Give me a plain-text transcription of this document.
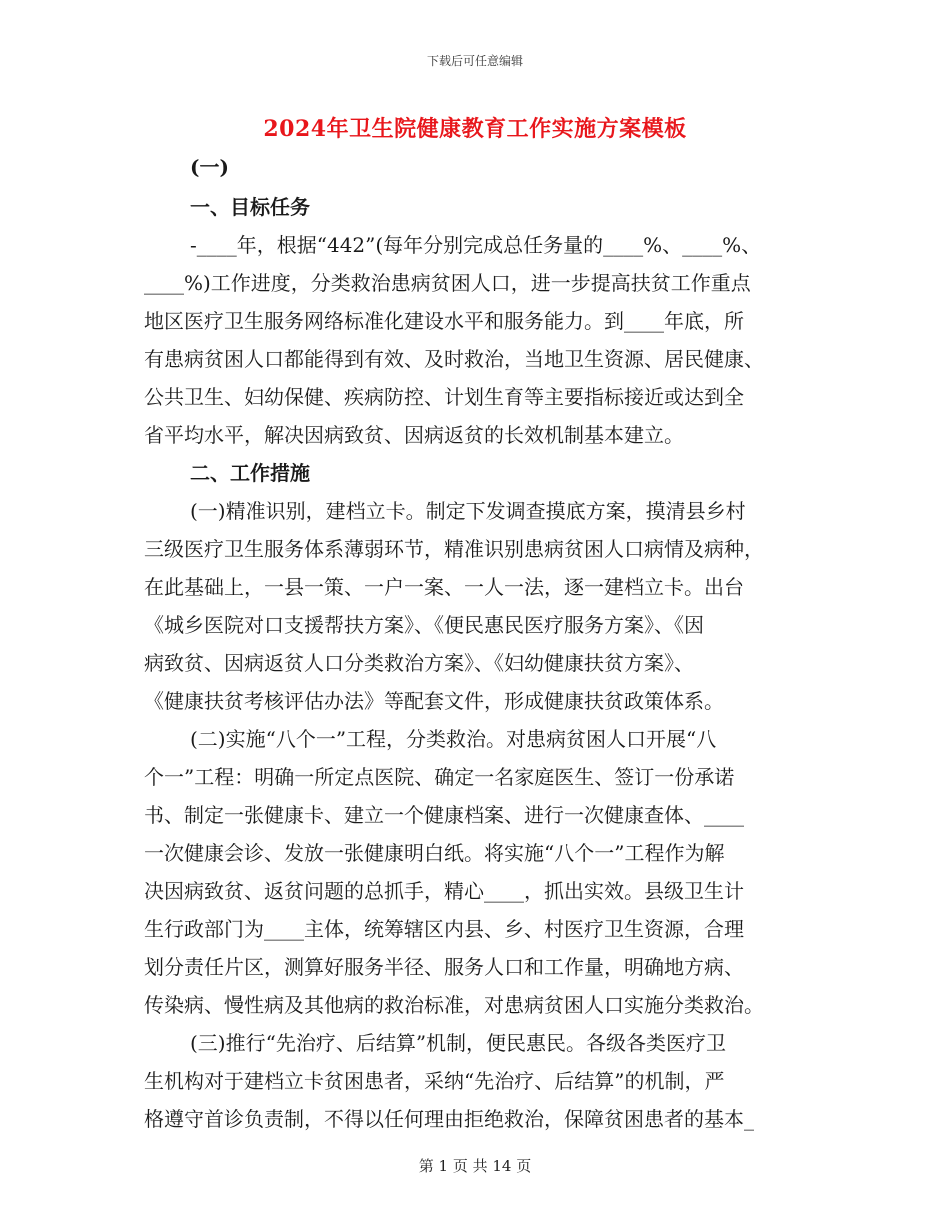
下载后可任意编辑
2024年卫生院健康教育工作实施方案模板
(一)
一、目标任务
-____年，根据“442”(每年分别完成总任务量的____%、____%、
____%)工作进度，分类救治患病贫困人口，进一步提高扶贫工作重点
地区医疗卫生服务网络标准化建设水平和服务能力。到____年底，所
有患病贫困人口都能得到有效、及时救治，当地卫生资源、居民健康、
公共卫生、妇幼保健、疾病防控、计划生育等主要指标接近或达到全
省平均水平，解决因病致贫、因病返贫的长效机制基本建立。
二、工作措施
(一)精准识别，建档立卡。制定下发调查摸底方案，摸清县乡村
三级医疗卫生服务体系薄弱环节，精准识别患病贫困人口病情及病种，
在此基础上，一县一策、一户一案、一人一法，逐一建档立卡。出台
《城乡医院对口支援帮扶方案》、《便民惠民医疗服务方案》、《因
病致贫、因病返贫人口分类救治方案》、《妇幼健康扶贫方案》、
《健康扶贫考核评估办法》等配套文件，形成健康扶贫政策体系。
(二)实施“八个一”工程，分类救治。对患病贫困人口开展“八
个一”工程：明确一所定点医院、确定一名家庭医生、签订一份承诺
书、制定一张健康卡、建立一个健康档案、进行一次健康查体、____
一次健康会诊、发放一张健康明白纸。将实施“八个一”工程作为解
决因病致贫、返贫问题的总抓手，精心____，抓出实效。县级卫生计
生行政部门为____主体，统筹辖区内县、乡、村医疗卫生资源，合理
划分责任片区，测算好服务半径、服务人口和工作量，明确地方病、
传染病、慢性病及其他病的救治标准，对患病贫困人口实施分类救治。
(三)推行“先治疗、后结算”机制，便民惠民。各级各类医疗卫
生机构对于建档立卡贫困患者，采纳“先治疗、后结算”的机制，严
格遵守首诊负责制，不得以任何理由拒绝救治，保障贫困患者的基本_
第 1 页 共 14 页
